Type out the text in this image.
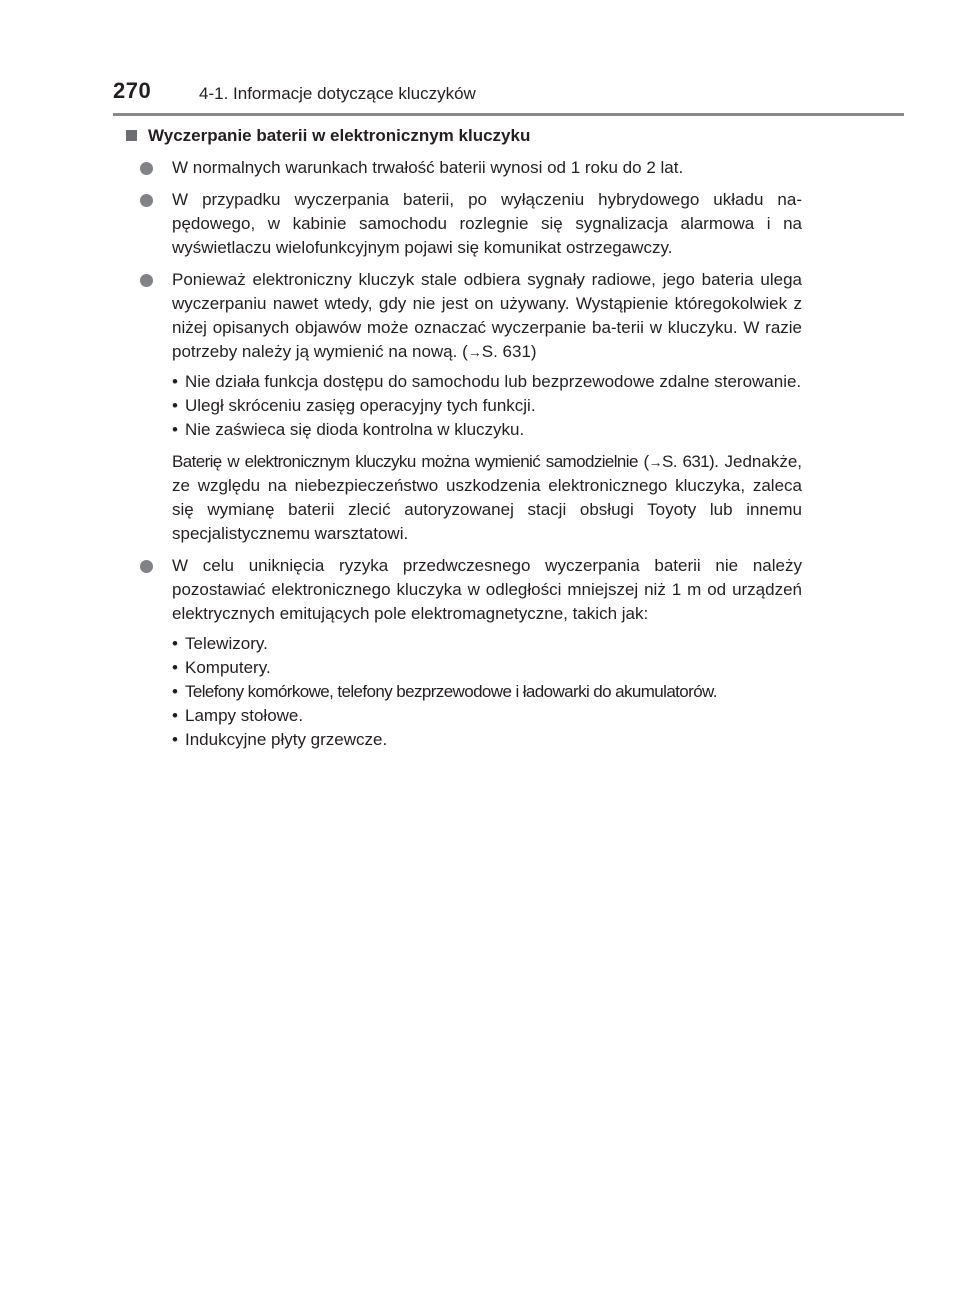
270	4-1. Informacje dotyczące kluczyków
Wyczerpanie baterii w elektronicznym kluczyku
W normalnych warunkach trwałość baterii wynosi od 1 roku do 2 lat.
W przypadku wyczerpania baterii, po wyłączeniu hybrydowego układu na-pędowego, w kabinie samochodu rozlegnie się sygnalizacja alarmowa i na wyświetlaczu wielofunkcyjnym pojawi się komunikat ostrzegawczy.
Ponieważ elektroniczny kluczyk stale odbiera sygnały radiowe, jego bateria ulega wyczerpaniu nawet wtedy, gdy nie jest on używany. Wystąpienie któregokolwiek z niżej opisanych objawów może oznaczać wyczerpanie ba-terii w kluczyku. W razie potrzeby należy ją wymienić na nową. (→S. 631)
• Nie działa funkcja dostępu do samochodu lub bezprzewodowe zdalne sterowanie.
• Uległ skróceniu zasięg operacyjny tych funkcji.
• Nie zaświeca się dioda kontrolna w kluczyku.
Baterię w elektronicznym kluczyku można wymienić samodzielnie (→S. 631). Jednakże, ze względu na niebezpieczeństwo uszkodzenia elektronicznego kluczyka, zaleca się wymianę baterii zlecić autoryzowanej stacji obsługi Toyoty lub innemu specjalistycznemu warsztatowi.
W celu uniknięcia ryzyka przedwczesnego wyczerpania baterii nie należy pozostawiać elektronicznego kluczyka w odległości mniejszej niż 1 m od urządzeń elektrycznych emitujących pole elektromagnetyczne, takich jak:
• Telewizory.
• Komputery.
• Telefony komórkowe, telefony bezprzewodowe i ładowarki do akumulatorów.
• Lampy stołowe.
• Indukcyjne płyty grzewcze.
